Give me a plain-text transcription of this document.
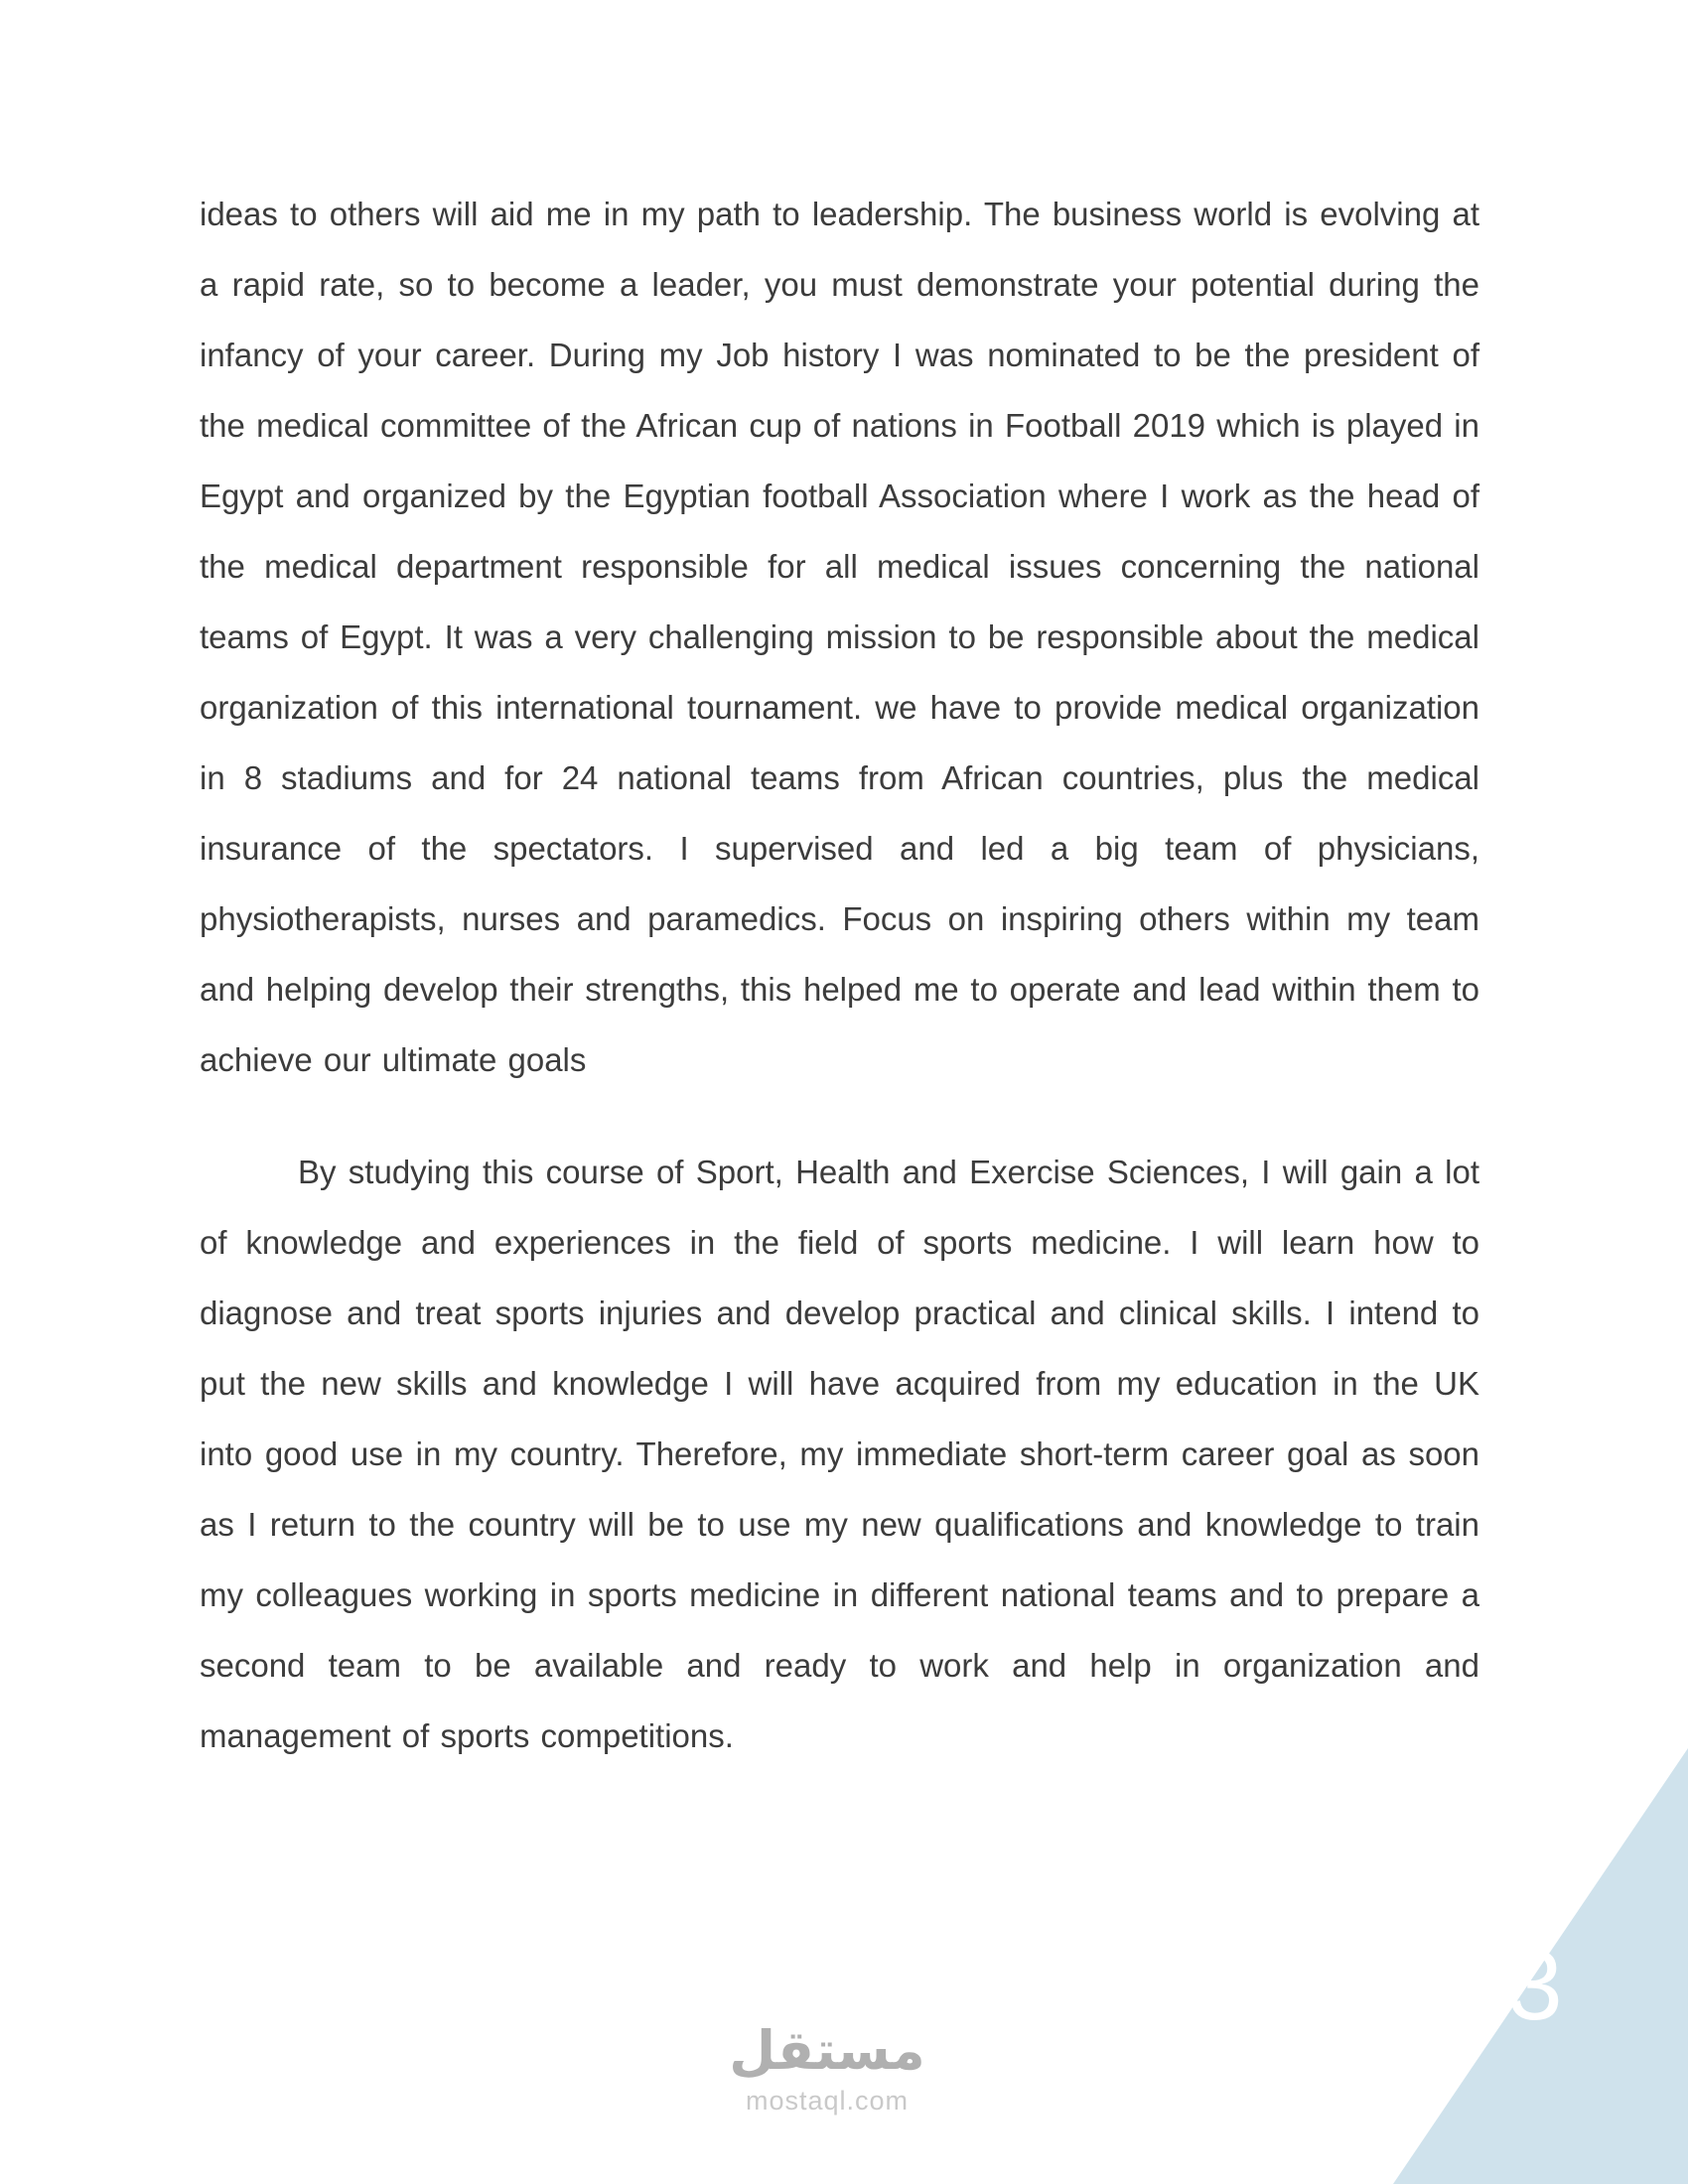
ideas to others will aid me in my path to leadership. The business world is evolving at a rapid rate, so to become a leader, you must demonstrate your potential during the infancy of your career. During my Job history I was nominated to be the president of the medical committee of the African cup of nations in Football 2019 which is played in Egypt and organized by the Egyptian football Association where I work as the head of the medical department responsible for all medical issues concerning the national teams of Egypt. It was a very challenging mission to be responsible about the medical organization of this international tournament. we have to provide medical organization in 8 stadiums and for 24 national teams from African countries, plus the medical insurance of the spectators. I supervised and led a big team of physicians, physiotherapists, nurses and paramedics. Focus on inspiring others within my team and helping develop their strengths, this helped me to operate and lead within them to achieve our ultimate goals

By studying this course of Sport, Health and Exercise Sciences, I will gain a lot of knowledge and experiences in the field of sports medicine. I will learn how to diagnose and treat sports injuries and develop practical and clinical skills. I intend to put the new skills and knowledge I will have acquired from my education in the UK into good use in my country. Therefore, my immediate short-term career goal as soon as I return to the country will be to use my new qualifications and knowledge to train my colleagues working in sports medicine in different national teams and to prepare a second team to be available and ready to work and help in organization and management of sports competitions.

3
مستقل
mostaql.com
